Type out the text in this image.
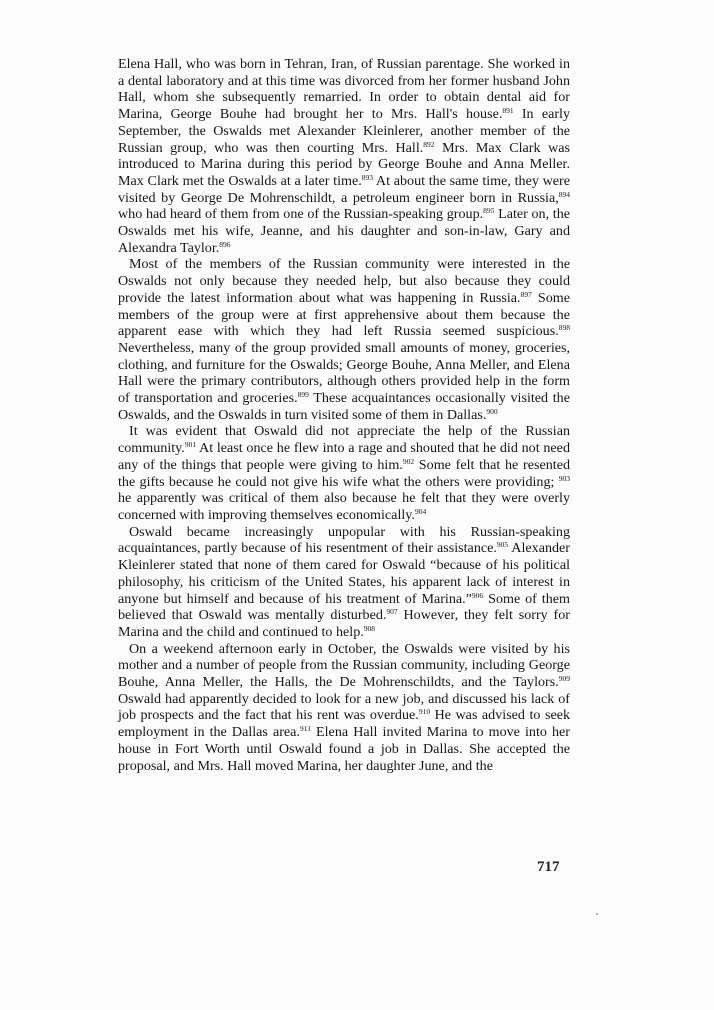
Elena Hall, who was born in Tehran, Iran, of Russian parentage. She worked in a dental laboratory and at this time was divorced from her former husband John Hall, whom she subsequently remarried. In order to obtain dental aid for Marina, George Bouhe had brought her to Mrs. Hall's house.$^{891}$ In early September, the Oswalds met Alexander Kleinlerer, another member of the Russian group, who was then courting Mrs. Hall.$^{892}$ Mrs. Max Clark was introduced to Marina during this period by George Bouhe and Anna Meller. Max Clark met the Oswalds at a later time.$^{893}$ At about the same time, they were visited by George De Mohrenschildt, a petroleum engineer born in Russia,$^{894}$ who had heard of them from one of the Russian-speaking group.$^{895}$ Later on, the Oswalds met his wife, Jeanne, and his daughter and son-in-law, Gary and Alexandra Taylor.$^{896}$

Most of the members of the Russian community were interested in the Oswalds not only because they needed help, but also because they could provide the latest information about what was happening in Russia.$^{897}$ Some members of the group were at first apprehensive about them because the apparent ease with which they had left Russia seemed suspicious.$^{898}$ Nevertheless, many of the group provided small amounts of money, groceries, clothing, and furniture for the Oswalds; George Bouhe, Anna Meller, and Elena Hall were the primary contributors, although others provided help in the form of transportation and groceries.$^{899}$ These acquaintances occasionally visited the Oswalds, and the Oswalds in turn visited some of them in Dallas.$^{900}$

It was evident that Oswald did not appreciate the help of the Russian community.$^{901}$ At least once he flew into a rage and shouted that he did not need any of the things that people were giving to him.$^{902}$ Some felt that he resented the gifts because he could not give his wife what the others were providing; $^{903}$ he apparently was critical of them also because he felt that they were overly concerned with improving themselves economically.$^{904}$

Oswald became increasingly unpopular with his Russian-speaking acquaintances, partly because of his resentment of their assistance.$^{905}$ Alexander Kleinlerer stated that none of them cared for Oswald “because of his political philosophy, his criticism of the United States, his apparent lack of interest in anyone but himself and because of his treatment of Marina.”$^{906}$ Some of them believed that Oswald was mentally disturbed.$^{907}$ However, they felt sorry for Marina and the child and continued to help.$^{908}$

On a weekend afternoon early in October, the Oswalds were visited by his mother and a number of people from the Russian community, including George Bouhe, Anna Meller, the Halls, the De Mohrenschildts, and the Taylors.$^{909}$ Oswald had apparently decided to look for a new job, and discussed his lack of job prospects and the fact that his rent was overdue.$^{910}$ He was advised to seek employment in the Dallas area.$^{911}$ Elena Hall invited Marina to move into her house in Fort Worth until Oswald found a job in Dallas. She accepted the proposal, and Mrs. Hall moved Marina, her daughter June, and the

717
